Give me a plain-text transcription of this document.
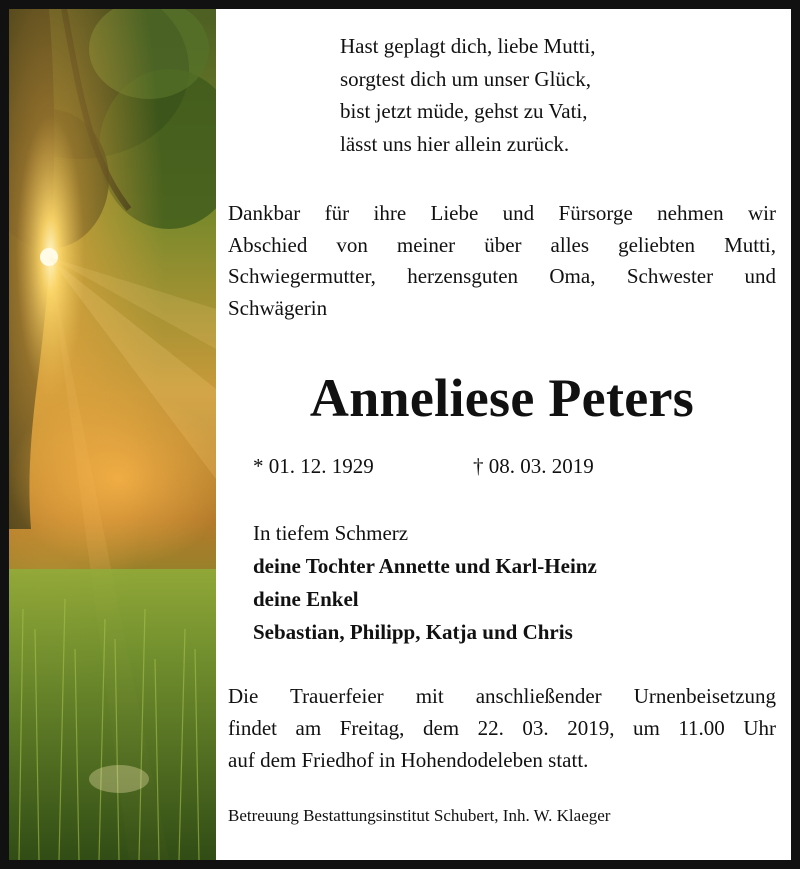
Hast geplagt dich, liebe Mutti,
sorgtest dich um unser Glück,
bist jetzt müde, gehst zu Vati,
lässt uns hier allein zurück.
Dankbar für ihre Liebe und Fürsorge nehmen wir
Abschied von meiner über alles geliebten Mutti,
Schwiegermutter, herzensguten Oma, Schwester und
Schwägerin
Anneliese Peters
* 01. 12. 1929	† 08. 03. 2019
In tiefem Schmerz
deine Tochter Annette und Karl-Heinz
deine Enkel
Sebastian, Philipp, Katja und Chris
Die Trauerfeier mit anschließender Urnenbeisetzung
findet am Freitag, dem 22. 03. 2019, um 11.00 Uhr
auf dem Friedhof in Hohendodeleben statt.
Betreuung Bestattungsinstitut Schubert, Inh. W. Klaeger
